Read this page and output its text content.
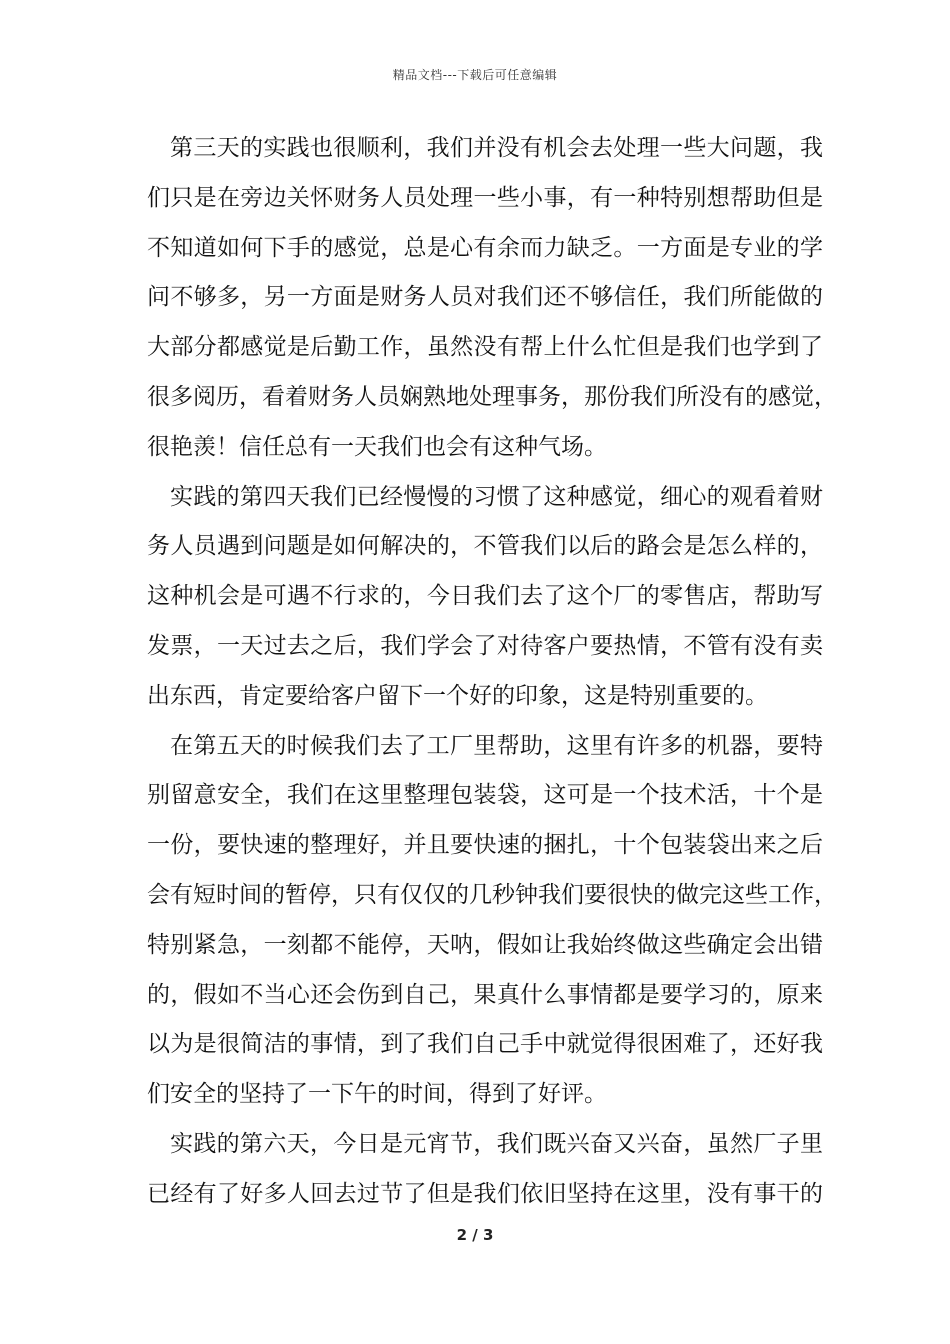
精品文档---下载后可任意编辑
第三天的实践也很顺利，我们并没有机会去处理一些大问题，我
们只是在旁边关怀财务人员处理一些小事，有一种特别想帮助但是
不知道如何下手的感觉，总是心有余而力缺乏。一方面是专业的学
问不够多，另一方面是财务人员对我们还不够信任，我们所能做的
大部分都感觉是后勤工作，虽然没有帮上什么忙但是我们也学到了
很多阅历，看着财务人员娴熟地处理事务，那份我们所没有的感觉，
很艳羡！信任总有一天我们也会有这种气场。
实践的第四天我们已经慢慢的习惯了这种感觉，细心的观看着财
务人员遇到问题是如何解决的，不管我们以后的路会是怎么样的，
这种机会是可遇不行求的，今日我们去了这个厂的零售店，帮助写
发票，一天过去之后，我们学会了对待客户要热情，不管有没有卖
出东西，肯定要给客户留下一个好的印象，这是特别重要的。
在第五天的时候我们去了工厂里帮助，这里有许多的机器，要特
别留意安全，我们在这里整理包装袋，这可是一个技术活，十个是
一份，要快速的整理好，并且要快速的捆扎，十个包装袋出来之后
会有短时间的暂停，只有仅仅的几秒钟我们要很快的做完这些工作，
特别紧急，一刻都不能停，天呐，假如让我始终做这些确定会出错
的，假如不当心还会伤到自己，果真什么事情都是要学习的，原来
以为是很简洁的事情，到了我们自己手中就觉得很困难了，还好我
们安全的坚持了一下午的时间，得到了好评。
实践的第六天，今日是元宵节，我们既兴奋又兴奋，虽然厂子里
已经有了好多人回去过节了但是我们依旧坚持在这里，没有事干的
2 / 3
